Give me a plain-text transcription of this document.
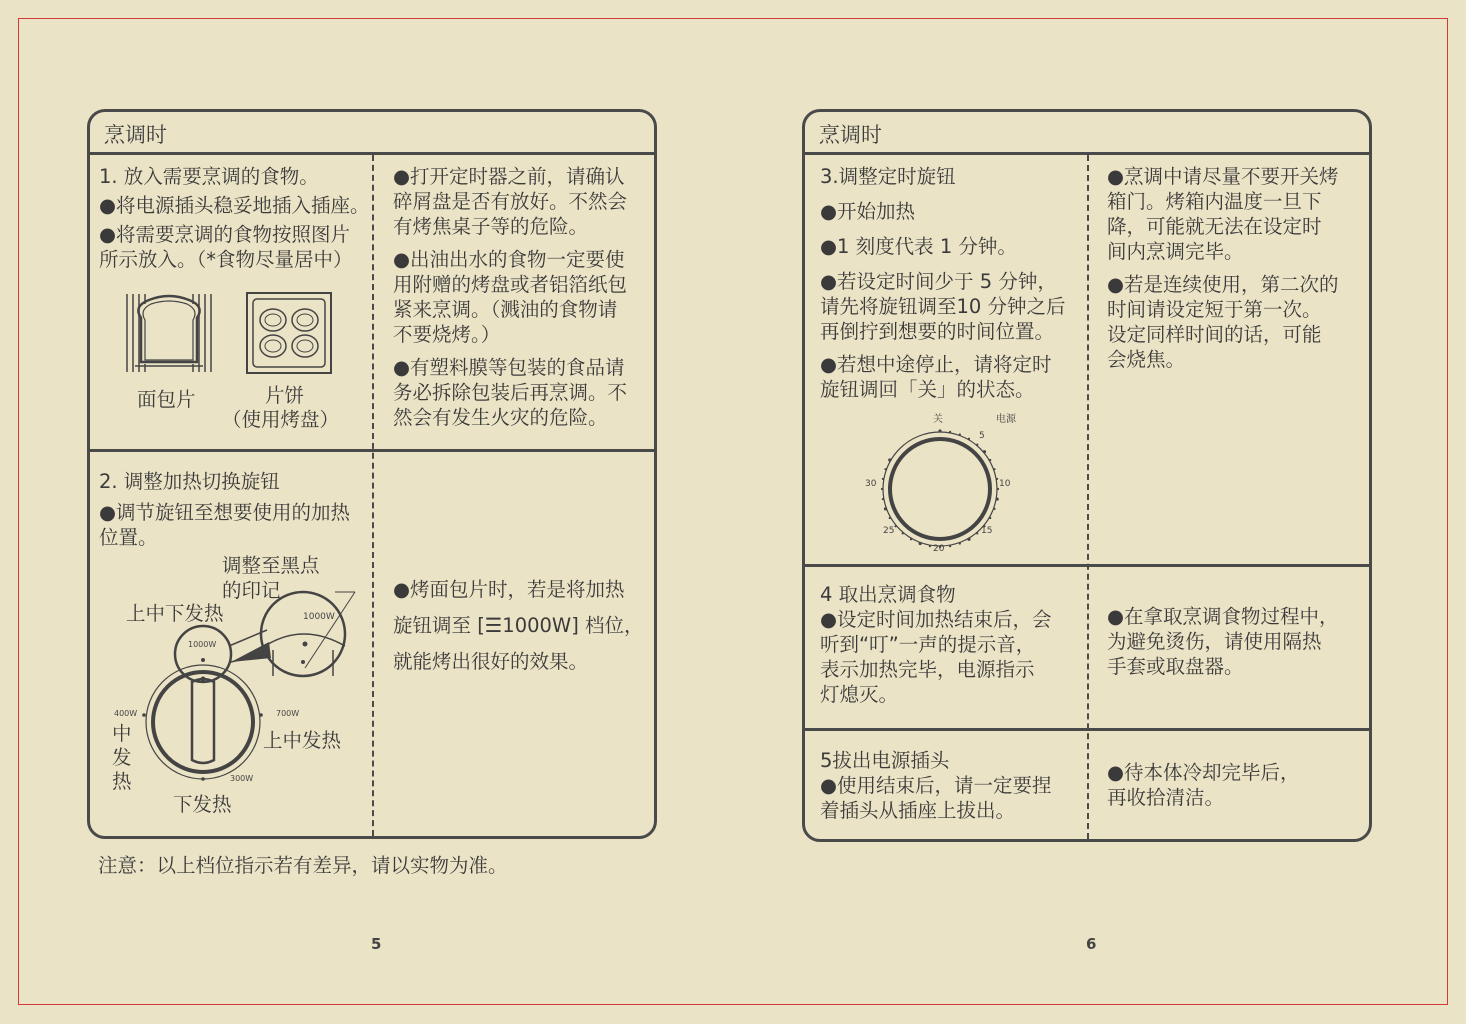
烹调时
1. 放入需要烹调的食物。
●将电源插头稳妥地插入插座。
●将需要烹调的食物按照图片
所示放入。（*食物尽量居中）
面包片	片饼
（使用烤盘）
●打开定时器之前，请确认
碎屑盘是否有放好。不然会
有烤焦桌子等的危险。
●出油出水的食物一定要使
用附赠的烤盘或者铝箔纸包
紧来烹调。（溅油的食物请
不要烧烤。）
●有塑料膜等包装的食品请
务必拆除包装后再烹调。不
然会有发生火灾的危险。
2. 调整加热切换旋钮
●调节旋钮至想要使用的加热
位置。
调整至黑点
的印记
上中下发热
1000W
1000W
400W	700W
300W
中
发
热
上中发热
下发热
●烤面包片时，若是将加热
旋钮调至 [☰1000W] 档位，
就能烤出很好的效果。
注意：以上档位指示若有差异，请以实物为准。
5
烹调时
3.调整定时旋钮
●开始加热
●1 刻度代表 1 分钟。
●若设定时间少于 5 分钟，
请先将旋钮调至10 分钟之后
再倒拧到想要的时间位置。
●若想中途停止，请将定时
旋钮调回「关」的状态。
关	电源
5
10
15
20
25
30
●烹调中请尽量不要开关烤
箱门。烤箱内温度一旦下
降，可能就无法在设定时
间内烹调完毕。
●若是连续使用，第二次的
时间请设定短于第一次。
设定同样时间的话，可能
会烧焦。
4 取出烹调食物
●设定时间加热结束后，会
听到“叮”一声的提示音，
表示加热完毕，电源指示
灯熄灭。
●在拿取烹调食物过程中，
为避免烫伤，请使用隔热
手套或取盘器。
5拔出电源插头
●使用结束后，请一定要捏
着插头从插座上拔出。
●待本体冷却完毕后，
再收拾清洁。
6
